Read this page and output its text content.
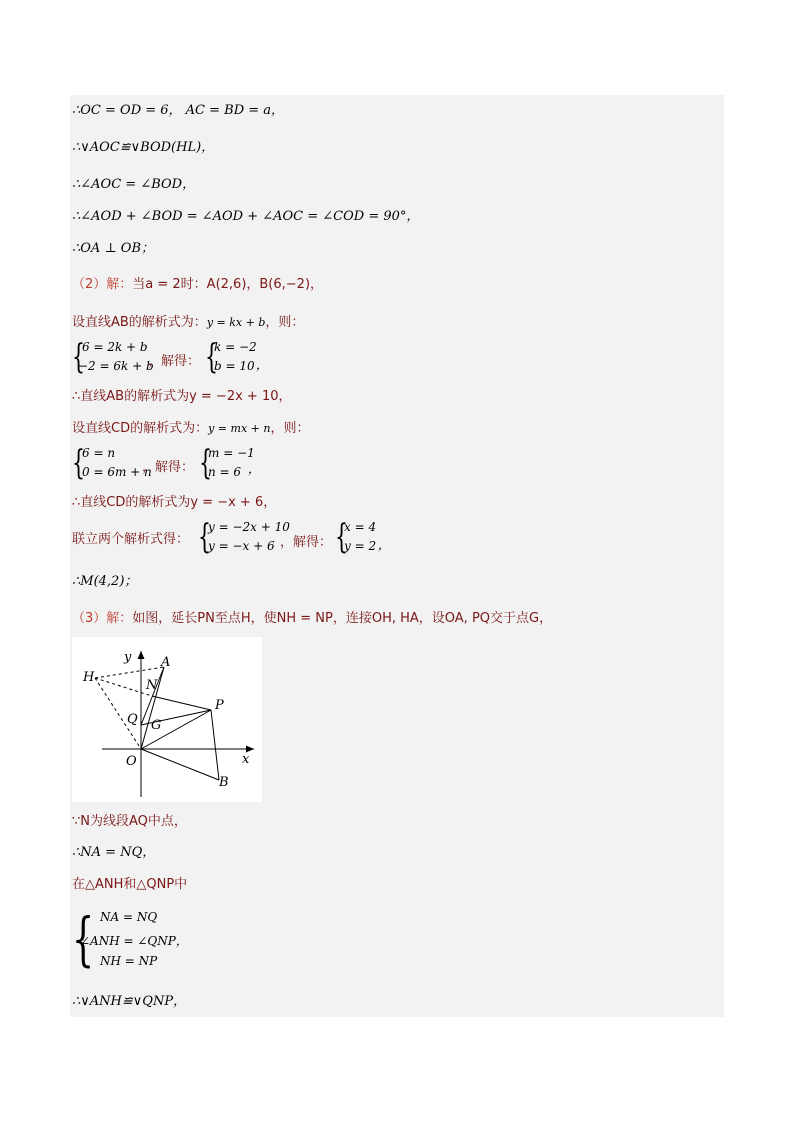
∴OC = OD = 6， AC = BD = a，
∴∨AOC≌∨BOD(HL)，
∴∠AOC = ∠BOD，
∴∠AOD + ∠BOD = ∠AOD + ∠AOC = ∠COD = 90°，
∴OA ⊥ OB；
（2）解：当a = 2时：A(2,6)，B(6,−2)，
设直线AB的解析式为：y = kx + b，则：
{
6 = 2k + b
−2 = 6k + b
，解得： {
k = −2
b = 10 ，
∴直线AB的解析式为y = −2x + 10，
设直线CD的解析式为：y = mx + n，则：
{
6 = n
0 = 6m + n
，解得： {
m = −1
n = 6 ，
∴直线CD的解析式为y = −x + 6，
联立两个解析式得： {
y = −2x + 10
y = −x + 6 ，解得： {
x = 4
y = 2 ，
∴M(4,2)；
（3）解：如图，延长PN至点H，使NH = NP，连接OH, HA，设OA, PQ交于点G，
y
x
A
H
N
Q G
P
O
B
∵N为线段AQ中点，
∴NA = NQ，
在△ANH和△QNP中
{ NA = NQ
∠ANH = ∠QNP，
NH = NP
∴∨ANH≌∨QNP，
